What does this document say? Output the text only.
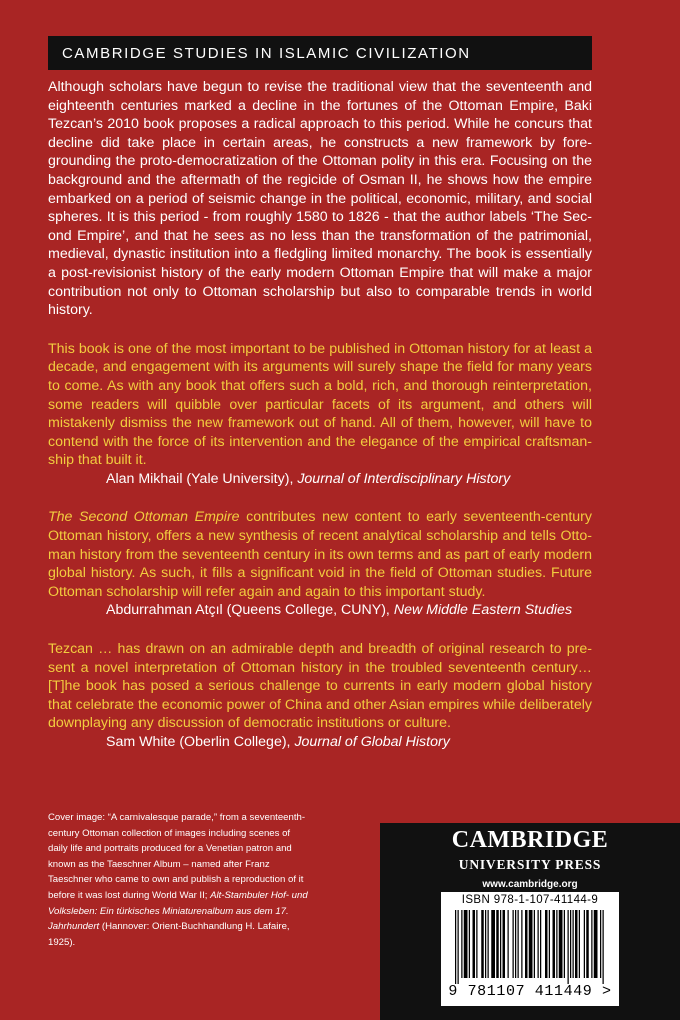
CAMBRIDGE STUDIES IN ISLAMIC CIVILIZATION

Although scholars have begun to revise the traditional view that the seventeenth and eighteenth centuries marked a decline in the fortunes of the Ottoman Empire, Baki Tezcan’s 2010 book proposes a radical approach to this period. While he concurs that decline did take place in certain areas, he constructs a new framework by foregrounding the proto-democratization of the Ottoman polity in this era. Focusing on the background and the aftermath of the regicide of Osman II, he shows how the empire embarked on a period of seismic change in the political, economic, military, and social spheres. It is this period - from roughly 1580 to 1826 - that the author labels ‘The Second Empire’, and that he sees as no less than the transformation of the patrimonial, medieval, dynastic institution into a fledgling limited monarchy. The book is essentially a post-revisionist history of the early modern Ottoman Empire that will make a major contribution not only to Ottoman scholarship but also to comparable trends in world history.

This book is one of the most important to be published in Ottoman history for at least a decade, and engagement with its arguments will surely shape the field for many years to come. As with any book that offers such a bold, rich, and thorough reinterpretation, some readers will quibble over particular facets of its argument, and others will mistakenly dismiss the new framework out of hand. All of them, however, will have to contend with the force of its intervention and the elegance of the empirical craftsmanship that built it.

Alan Mikhail (Yale University), Journal of Interdisciplinary History

The Second Ottoman Empire contributes new content to early seventeenth-century Ottoman history, offers a new synthesis of recent analytical scholarship and tells Ottoman history from the seventeenth century in its own terms and as part of early modern global history. As such, it fills a significant void in the field of Ottoman studies. Future Ottoman scholarship will refer again and again to this important study.

Abdurrahman Atçıl (Queens College, CUNY), New Middle Eastern Studies

Tezcan … has drawn on an admirable depth and breadth of original research to present a novel interpretation of Ottoman history in the troubled seventeenth century… [T]he book has posed a serious challenge to currents in early modern global history that celebrate the economic power of China and other Asian empires while deliberately downplaying any discussion of democratic institutions or culture.

Sam White (Oberlin College), Journal of Global History

Cover image: “A carnivalesque parade,” from a seventeenth-century Ottoman collection of images including scenes of daily life and portraits produced for a Venetian patron and known as the Taeschner Album – named after Franz Taeschner who came to own and publish a reproduction of it before it was lost during World War II; Alt-Stambuler Hof- und Volksleben: Ein türkisches Miniaturenalbum aus dem 17. Jahrhundert (Hannover: Orient-Buchhandlung H. Lafaire, 1925).
CAMBRIDGE
UNIVERSITY PRESS
www.cambridge.org
ISBN 978-1-107-41144-9
9 781107 411449 >
